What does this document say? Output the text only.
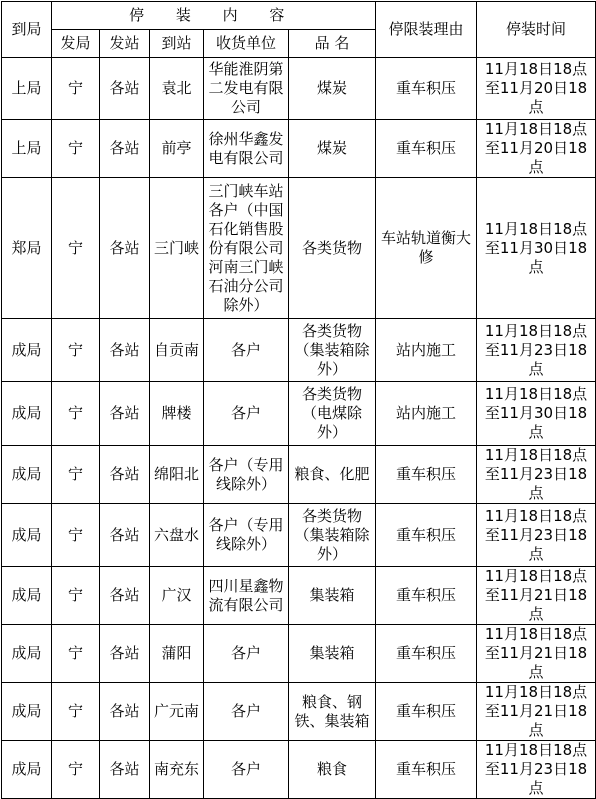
到局	停 装 内 容					停限装理由	停装时间
	发局	发站	到站	收货单位	品 名		
上局	宁	各站	袁北	华能淮阴第二发电有限公司	煤炭	重车积压	11月18日18点至11月20日18点
上局	宁	各站	前亭	徐州华鑫发电有限公司	煤炭	重车积压	11月18日18点至11月20日18点
郑局	宁	各站	三门峡	三门峡车站各户（中国石化销售股份有限公司河南三门峡石油分公司除外）	各类货物	车站轨道衡大修	11月18日18点至11月30日18点
成局	宁	各站	自贡南	各户	各类货物（集装箱除外）	站内施工	11月18日18点至11月23日18点
成局	宁	各站	牌楼	各户	各类货物（电煤除外）	站内施工	11月18日18点至11月30日18点
成局	宁	各站	绵阳北	各户（专用线除外）	粮食、化肥	重车积压	11月18日18点至11月23日18点
成局	宁	各站	六盘水	各户（专用线除外）	各类货物（集装箱除外）	重车积压	11月18日18点至11月23日18点
成局	宁	各站	广汉	四川星鑫物流有限公司	集装箱	重车积压	11月18日18点至11月21日18点
成局	宁	各站	蒲阳	各户	集装箱	重车积压	11月18日18点至11月21日18点
成局	宁	各站	广元南	各户	粮食、钢铁、集装箱	重车积压	11月18日18点至11月21日18点
成局	宁	各站	南充东	各户	粮食	重车积压	11月18日18点至11月23日18点
